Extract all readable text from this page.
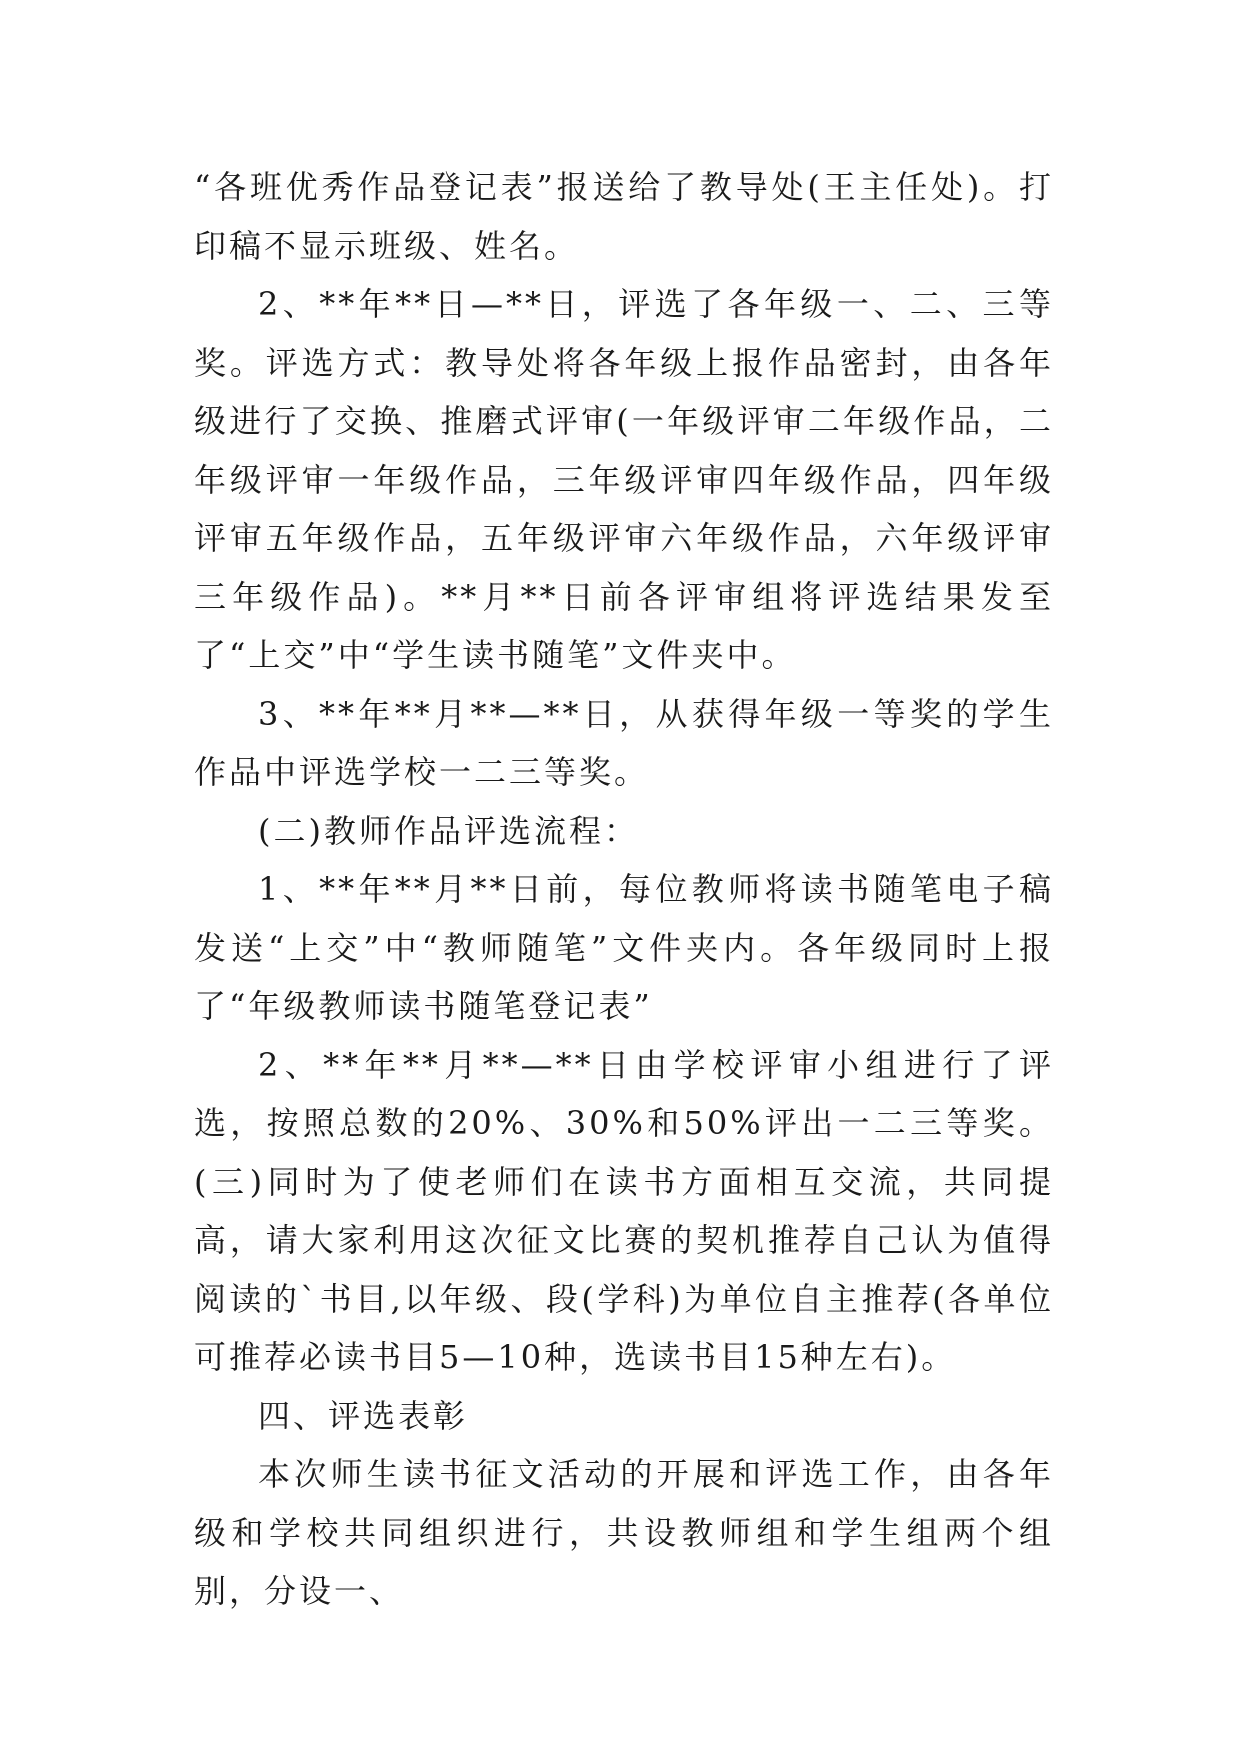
“各班优秀作品登记表”报送给了教导处(王主任处)。打印稿不显示班级、姓名。

2、**年**日—**日，评选了各年级一、二、三等奖。评选方式：教导处将各年级上报作品密封，由各年级进行了交换、推磨式评审(一年级评审二年级作品，二年级评审一年级作品，三年级评审四年级作品，四年级评审五年级作品，五年级评审六年级作品，六年级评审三年级作品)。**月**日前各评审组将评选结果发至了“上交”中“学生读书随笔”文件夹中。

3、**年**月**—**日，从获得年级一等奖的学生作品中评选学校一二三等奖。

(二)教师作品评选流程：

1、**年**月**日前，每位教师将读书随笔电子稿发送“上交”中“教师随笔”文件夹内。各年级同时上报了“年级教师读书随笔登记表”

2、**年**月**—**日由学校评审小组进行了评选，按照总数的20%、30%和50%评出一二三等奖。(三)同时为了使老师们在读书方面相互交流，共同提高，请大家利用这次征文比赛的契机推荐自己认为值得阅读的`书目,以年级、段(学科)为单位自主推荐(各单位可推荐必读书目5—10种，选读书目15种左右)。

四、评选表彰

本次师生读书征文活动的开展和评选工作，由各年级和学校共同组织进行，共设教师组和学生组两个组别，分设一、
